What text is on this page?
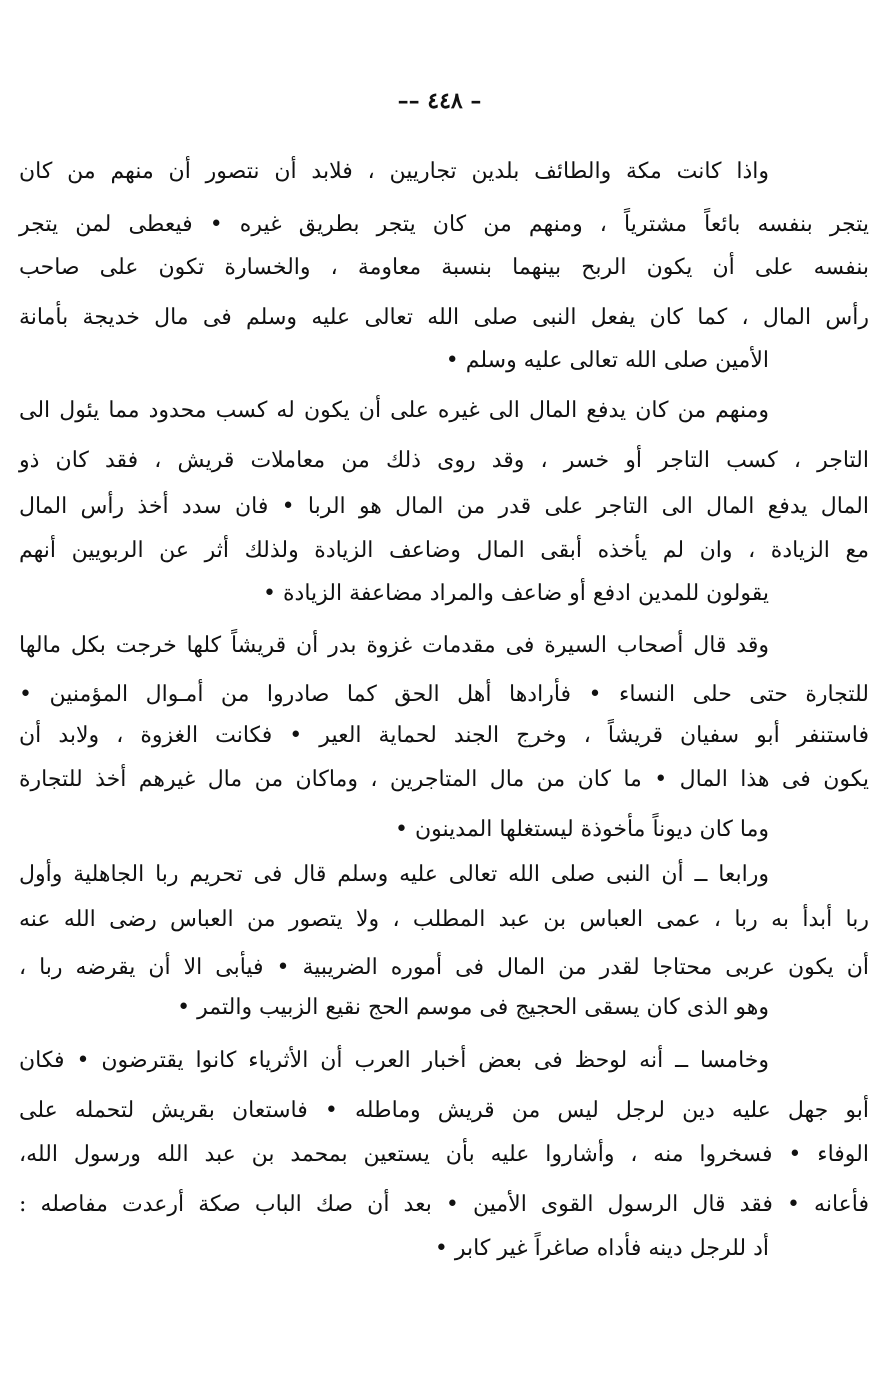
– ٤٤٨ ––
واذا كانت مكة والطائف بلدين تجاريين ، فلابد أن نتصور أن منهم من كان
يتجر بنفسه بائعاً مشترياً ، ومنهم من كان يتجر بطريق غيره • فيعطى لمن يتجر
بنفسه على أن يكون الربح بينهما بنسبة معاومة ، والخسارة تكون على صاحب
رأس المال ، كما كان يفعل النبى صلى الله تعالى عليه وسلم فى مال خديجة بأمانة
الأمين صلى الله تعالى عليه وسلم •
ومنهم من كان يدفع المال الى غيره على أن يكون له كسب محدود مما يئول الى
التاجر ، كسب التاجر أو خسر ، وقد روى ذلك من معاملات قريش ، فقد كان ذو
المال يدفع المال الى التاجر على قدر من المال هو الربا • فان سدد أخذ رأس المال
مع الزيادة ، وان لم يأخذه أبقى المال وضاعف الزيادة ولذلك أثر عن الربويين أنهم
يقولون للمدين ادفع أو ضاعف والمراد مضاعفة الزيادة •
وقد قال أصحاب السيرة فى مقدمات غزوة بدر أن قريشاً كلها خرجت بكل مالها
للتجارة حتى حلى النساء • فأرادها أهل الحق كما صادروا من أمـوال المؤمنين •
فاستنفر أبو سفيان قريشاً ، وخرج الجند لحماية العير • فكانت الغزوة ، ولابد أن
يكون فى هذا المال • ما كان من مال المتاجرين ، وماكان من مال غيرهم أخذ للتجارة
وما كان ديوناً مأخوذة ليستغلها المدينون •
ورابعا ــ أن النبى صلى الله تعالى عليه وسلم قال فى تحريم ربا الجاهلية وأول
ربا أبدأ به ربا ، عمى العباس بن عبد المطلب ، ولا يتصور من العباس رضى الله عنه
أن يكون عربى محتاجا لقدر من المال فى أموره الضريبية • فيأبى الا أن يقرضه ربا ،
وهو الذى كان يسقى الحجيج فى موسم الحج نقيع الزبيب والتمر •
وخامسا ــ أنه لوحظ فى بعض أخبار العرب أن الأثرياء كانوا يقترضون • فكان
أبو جهل عليه دين لرجل ليس من قريش وماطله • فاستعان بقريش لتحمله على
الوفاء • فسخروا منه ، وأشاروا عليه بأن يستعين بمحمد بن عبد الله ورسول الله،
فأعانه • فقد قال الرسول القوى الأمين • بعد أن صك الباب صكة أرعدت مفاصله :
أد للرجل دينه فأداه صاغراً غير كابر •
